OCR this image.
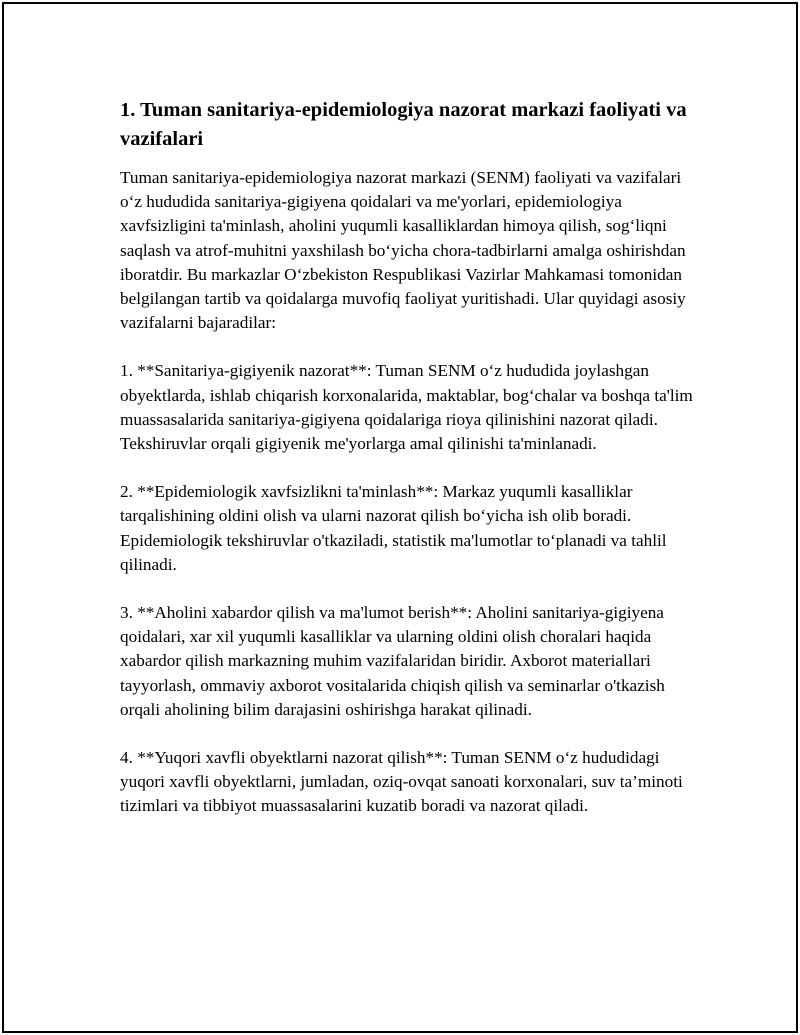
1. Tuman sanitariya-epidemiologiya nazorat markazi faoliyati va vazifalari

Tuman sanitariya-epidemiologiya nazorat markazi (SENM) faoliyati va vazifalari o‘z hududida sanitariya-gigiyena qoidalari va me'yorlari, epidemiologiya xavfsizligini ta'minlash, aholini yuqumli kasalliklardan himoya qilish, sog‘liqni saqlash va atrof-muhitni yaxshilash bo‘yicha chora-tadbirlarni amalga oshirishdan iboratdir. Bu markazlar O‘zbekiston Respublikasi Vazirlar Mahkamasi tomonidan belgilangan tartib va qoidalarga muvofiq faoliyat yuritishadi. Ular quyidagi asosiy vazifalarni bajaradilar:

1. **Sanitariya-gigiyenik nazorat**: Tuman SENM o‘z hududida joylashgan obyektlarda, ishlab chiqarish korxonalarida, maktablar, bog‘chalar va boshqa ta'lim muassasalarida sanitariya-gigiyena qoidalariga rioya qilinishini nazorat qiladi. Tekshiruvlar orqali gigiyenik me'yorlarga amal qilinishi ta'minlanadi.

2. **Epidemiologik xavfsizlikni ta'minlash**: Markaz yuqumli kasalliklar tarqalishining oldini olish va ularni nazorat qilish bo‘yicha ish olib boradi. Epidemiologik tekshiruvlar o'tkaziladi, statistik ma'lumotlar to‘planadi va tahlil qilinadi.

3. **Aholini xabardor qilish va ma'lumot berish**: Aholini sanitariya-gigiyena qoidalari, xar xil yuqumli kasalliklar va ularning oldini olish choralari haqida xabardor qilish markazning muhim vazifalaridan biridir. Axborot materiallari tayyorlash, ommaviy axborot vositalarida chiqish qilish va seminarlar o'tkazish orqali aholining bilim darajasini oshirishga harakat qilinadi.

4. **Yuqori xavfli obyektlarni nazorat qilish**: Tuman SENM o‘z hududidagi yuqori xavfli obyektlarni, jumladan, oziq-ovqat sanoati korxonalari, suv ta’minoti tizimlari va tibbiyot muassasalarini kuzatib boradi va nazorat qiladi.
